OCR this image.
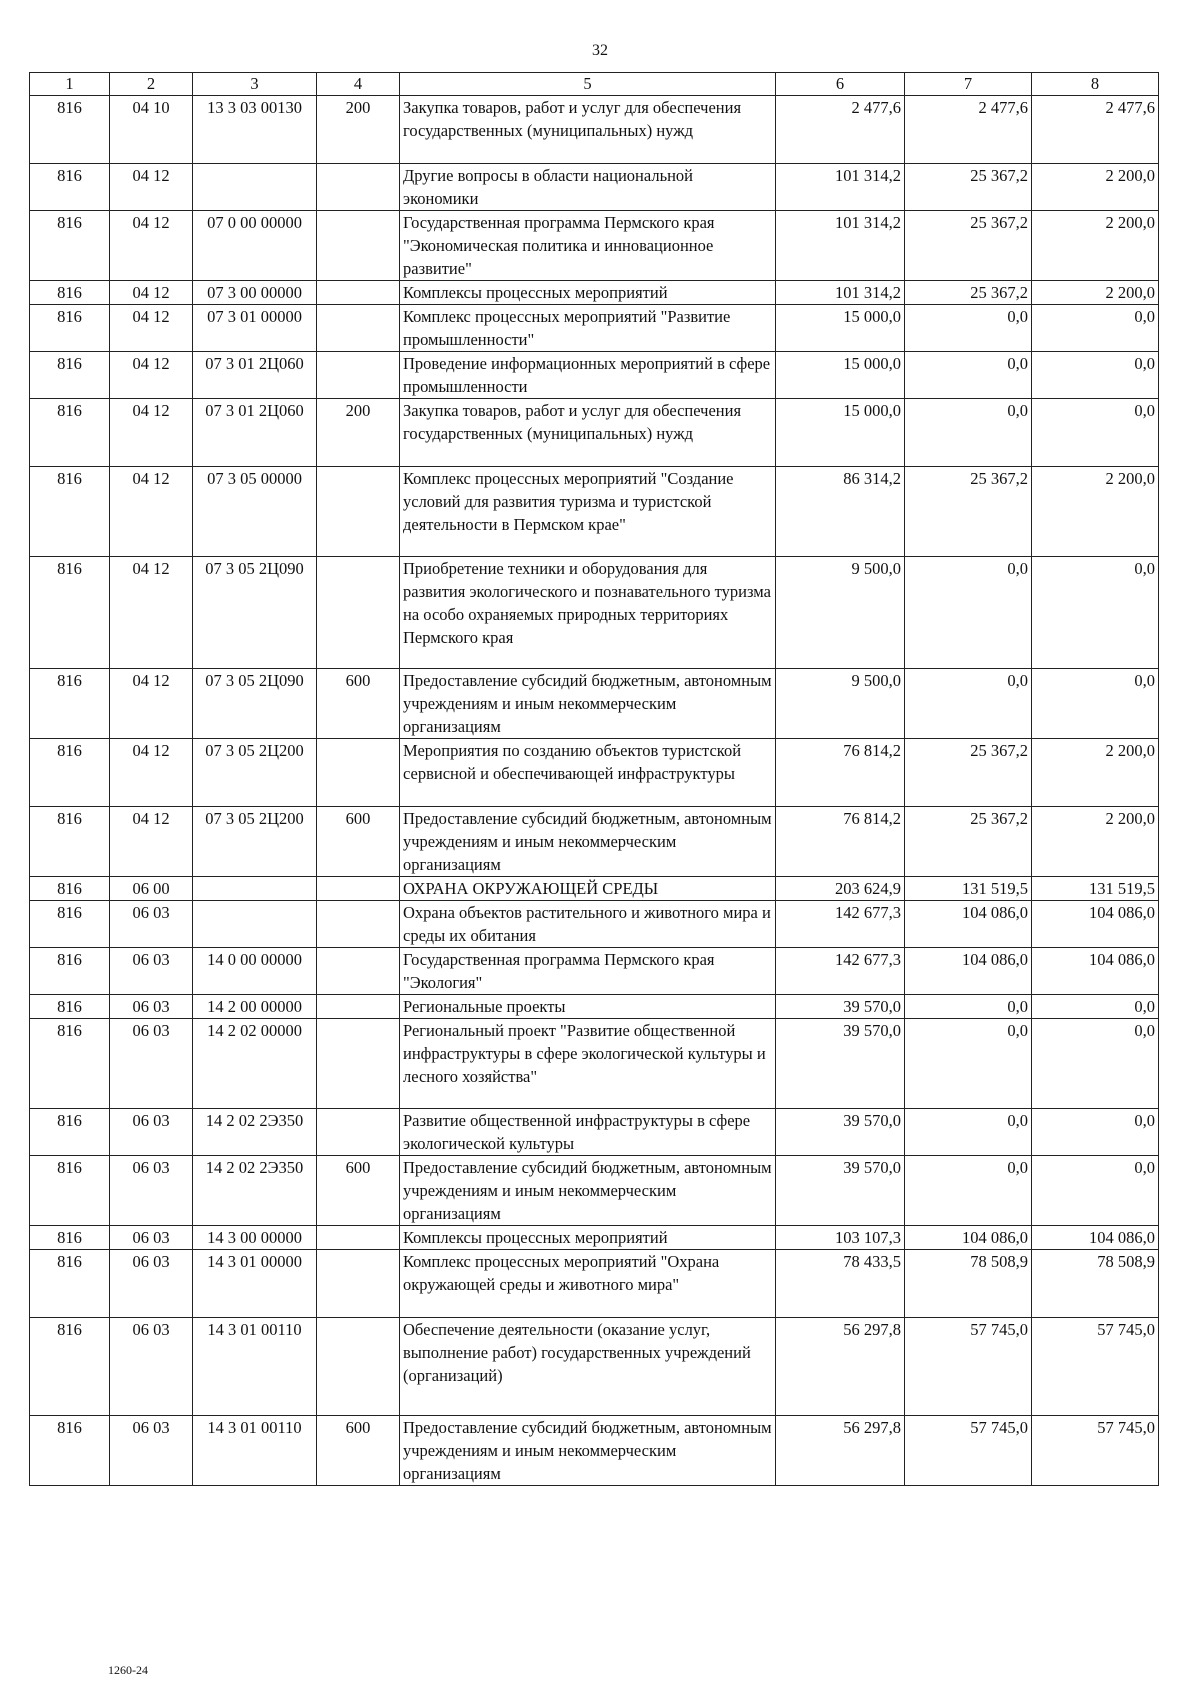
32
1	2	3	4	5	6	7	8
816	04 10	13 3 03 00130	200	Закупка товаров, работ и услуг для обеспечения государственных (муниципальных) нужд	2 477,6	2 477,6	2 477,6
816	04 12			Другие вопросы в области национальной экономики	101 314,2	25 367,2	2 200,0
816	04 12	07 0 00 00000		Государственная программа Пермского края "Экономическая политика и инновационное развитие"	101 314,2	25 367,2	2 200,0
816	04 12	07 3 00 00000		Комплексы процессных мероприятий	101 314,2	25 367,2	2 200,0
816	04 12	07 3 01 00000		Комплекс процессных мероприятий "Развитие промышленности"	15 000,0	0,0	0,0
816	04 12	07 3 01 2Ц060		Проведение информационных мероприятий в сфере промышленности	15 000,0	0,0	0,0
816	04 12	07 3 01 2Ц060	200	Закупка товаров, работ и услуг для обеспечения государственных (муниципальных) нужд	15 000,0	0,0	0,0
816	04 12	07 3 05 00000		Комплекс процессных мероприятий "Создание условий для развития туризма и туристской деятельности в Пермском крае"	86 314,2	25 367,2	2 200,0
816	04 12	07 3 05 2Ц090		Приобретение техники и оборудования для развития экологического и познавательного туризма на особо охраняемых природных территориях Пермского края	9 500,0	0,0	0,0
816	04 12	07 3 05 2Ц090	600	Предоставление субсидий бюджетным, автономным учреждениям и иным некоммерческим организациям	9 500,0	0,0	0,0
816	04 12	07 3 05 2Ц200		Мероприятия по созданию объектов туристской сервисной и обеспечивающей инфраструктуры	76 814,2	25 367,2	2 200,0
816	04 12	07 3 05 2Ц200	600	Предоставление субсидий бюджетным, автономным учреждениям и иным некоммерческим организациям	76 814,2	25 367,2	2 200,0
816	06 00			ОХРАНА ОКРУЖАЮЩЕЙ СРЕДЫ	203 624,9	131 519,5	131 519,5
816	06 03			Охрана объектов растительного и животного мира и среды их обитания	142 677,3	104 086,0	104 086,0
816	06 03	14 0 00 00000		Государственная программа Пермского края "Экология"	142 677,3	104 086,0	104 086,0
816	06 03	14 2 00 00000		Региональные проекты	39 570,0	0,0	0,0
816	06 03	14 2 02 00000		Региональный проект "Развитие общественной инфраструктуры в сфере экологической культуры и лесного хозяйства"	39 570,0	0,0	0,0
816	06 03	14 2 02 2Э350		Развитие общественной инфраструктуры в сфере экологической культуры	39 570,0	0,0	0,0
816	06 03	14 2 02 2Э350	600	Предоставление субсидий бюджетным, автономным учреждениям и иным некоммерческим организациям	39 570,0	0,0	0,0
816	06 03	14 3 00 00000		Комплексы процессных мероприятий	103 107,3	104 086,0	104 086,0
816	06 03	14 3 01 00000		Комплекс процессных мероприятий "Охрана окружающей среды и животного мира"	78 433,5	78 508,9	78 508,9
816	06 03	14 3 01 00110		Обеспечение деятельности (оказание услуг, выполнение работ) государственных учреждений (организаций)	56 297,8	57 745,0	57 745,0
816	06 03	14 3 01 00110	600	Предоставление субсидий бюджетным, автономным учреждениям и иным некоммерческим организациям	56 297,8	57 745,0	57 745,0
1260-24
